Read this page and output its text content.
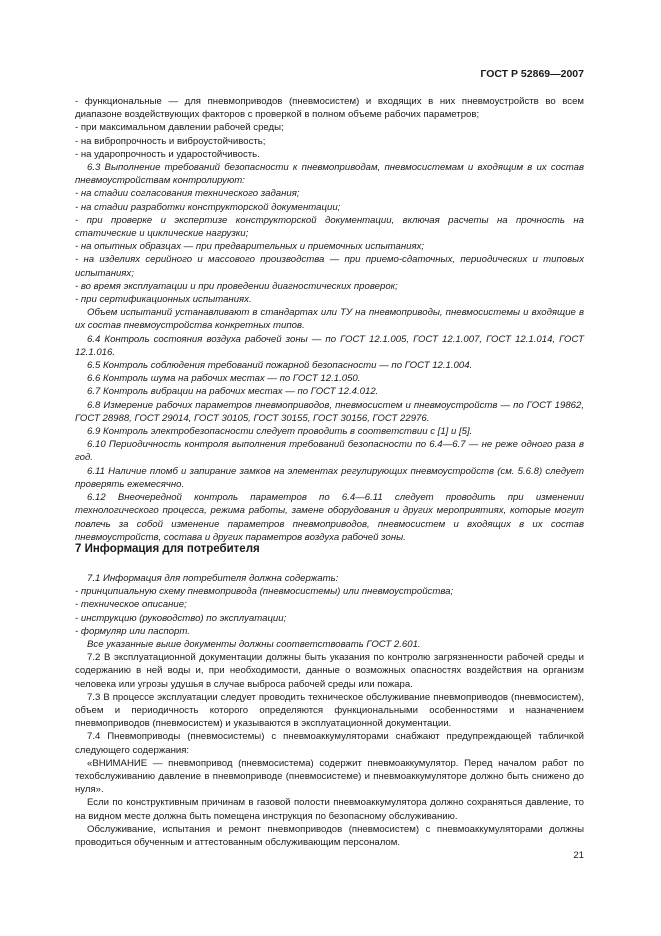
ГОСТ Р 52869—2007

- функциональные — для пневмоприводов (пневмосистем) и входящих в них пневмоустройств во всем диапазоне воздействующих факторов с проверкой в полном объеме рабочих параметров;

- при максимальном давлении рабочей среды;

- на вибропрочность и виброустойчивость;

- на ударопрочность и ударостойчивость.

6.3 Выполнение требований безопасности к пневмоприводам, пневмосистемам и входящим в их состав пневмоустройствам контролируют:

- на стадии согласования технического задания;

- на стадии разработки конструкторской документации;

- при проверке и экспертизе конструкторской документации, включая расчеты на прочность на статические и циклические нагрузки;

- на опытных образцах — при предварительных и приемочных испытаниях;

- на изделиях серийного и массового производства — при приемо-сдаточных, периодических и типовых испытаниях;

- во время эксплуатации и при проведении диагностических проверок;

- при сертификационных испытаниях.

Объем испытаний устанавливают в стандартах или ТУ на пневмоприводы, пневмосистемы и входящие в их состав пневмоустройства конкретных типов.

6.4 Контроль состояния воздуха рабочей зоны — по ГОСТ 12.1.005, ГОСТ 12.1.007, ГОСТ 12.1.014, ГОСТ 12.1.016.

6.5 Контроль соблюдения требований пожарной безопасности — по ГОСТ 12.1.004.

6.6 Контроль шума на рабочих местах — по ГОСТ 12.1.050.

6.7 Контроль вибрации на рабочих местах — по ГОСТ 12.4.012.

6.8 Измерение рабочих параметров пневмоприводов, пневмосистем и пневмоустройств — по ГОСТ 19862, ГОСТ 28988, ГОСТ 29014, ГОСТ 30105, ГОСТ 30155, ГОСТ 30156, ГОСТ 22976.

6.9 Контроль электробезопасности следует проводить в соответствии с [1] и [5].

6.10 Периодичность контроля выполнения требований безопасности по 6.4—6.7 — не реже одного раза в год.

6.11 Наличие пломб и запирание замков на элементах регулирующих пневмоустройств (см. 5.6.8) следует проверять ежемесячно.

6.12 Внеочередной контроль параметров по 6.4—6.11 следует проводить при изменении технологического процесса, режима работы, замене оборудования и других мероприятиях, которые могут повлечь за собой изменение параметров пневмоприводов, пневмосистем и входящих в их состав пневмоустройств, состава и других параметров воздуха рабочей зоны.

7 Информация для потребителя

7.1 Информация для потребителя должна содержать:

- принципиальную схему пневмопривода (пневмосистемы) или пневмоустройства;

- техническое описание;

- инструкцию (руководство) по эксплуатации;

- формуляр или паспорт.

Все указанные выше документы должны соответствовать ГОСТ 2.601.

7.2 В эксплуатационной документации должны быть указания по контролю загрязненности рабочей среды и содержанию в ней воды и, при необходимости, данные о возможных опасностях воздействия на организм человека или угрозы удушья в случае выброса рабочей среды или пожара.

7.3 В процессе эксплуатации следует проводить техническое обслуживание пневмоприводов (пневмосистем), объем и периодичность которого определяются функциональными особенностями и назначением пневмоприводов (пневмосистем) и указываются в эксплуатационной документации.

7.4 Пневмоприводы (пневмосистемы) с пневмоаккумуляторами снабжают предупреждающей табличкой следующего содержания:

«ВНИМАНИЕ — пневмопривод (пневмосистема) содержит пневмоаккумулятор. Перед началом работ по техобслуживанию давление в пневмоприводе (пневмосистеме) и пневмоаккумуляторе должно быть снижено до нуля».

Если по конструктивным причинам в газовой полости пневмоаккумулятора должно сохраняться давление, то на видном месте должна быть помещена инструкция по безопасному обслуживанию.

Обслуживание, испытания и ремонт пневмоприводов (пневмосистем) с пневмоаккумуляторами должны проводиться обученным и аттестованным обслуживающим персоналом.

21
